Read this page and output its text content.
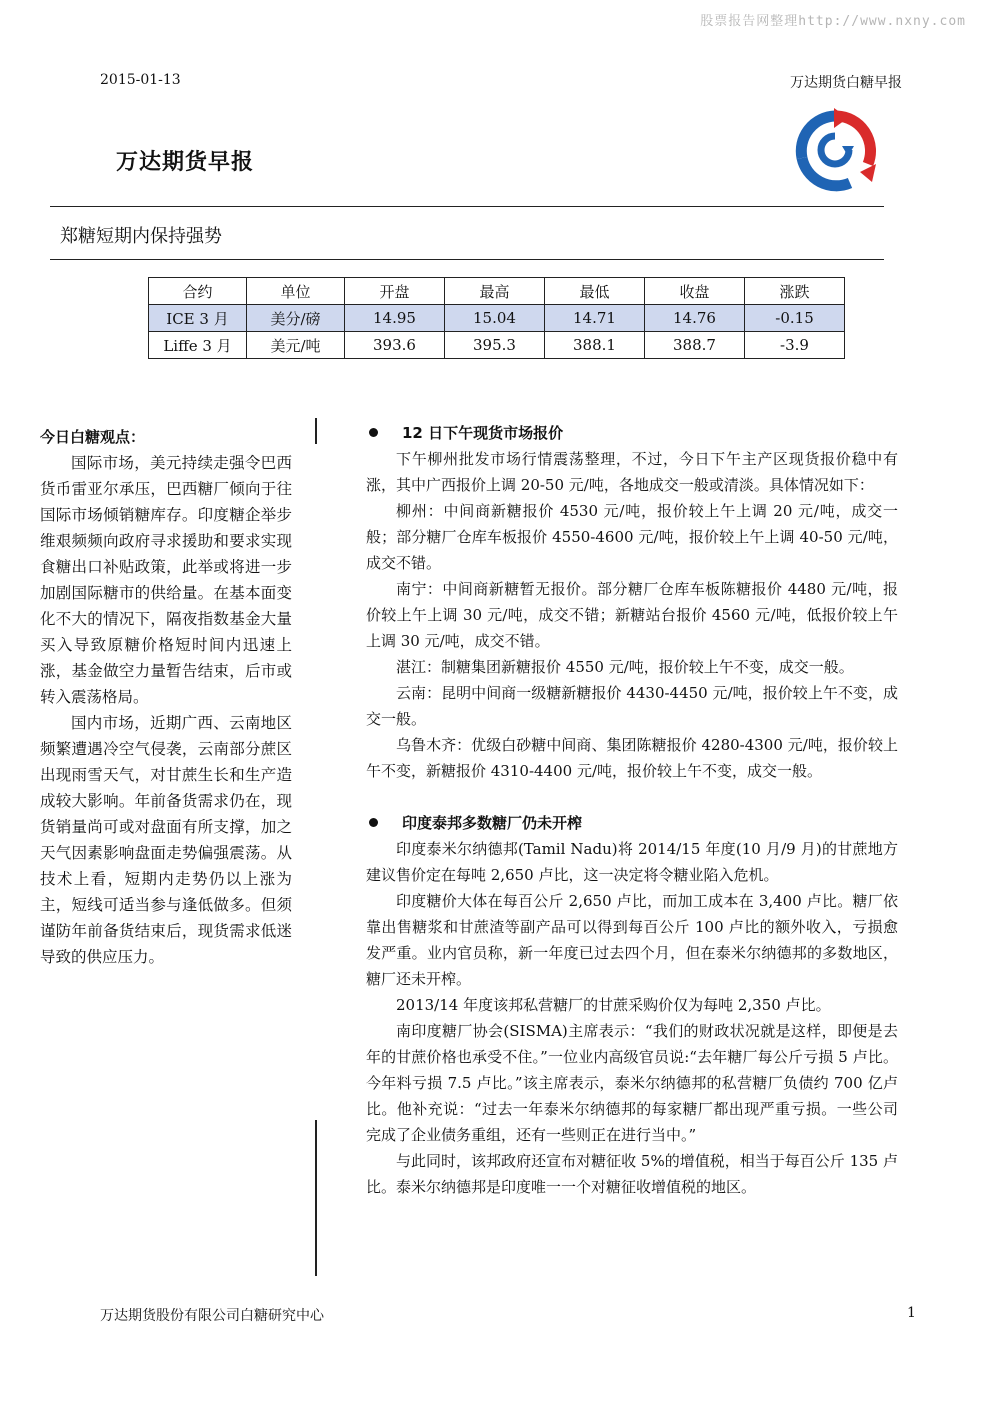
股票报告网整理http://www.nxny.com
2015-01-13	万达期货白糖早报
万达期货早报
郑糖短期内保持强势
合约	单位	开盘	最高	最低	收盘	涨跌
ICE 3 月	美分/磅	14.95	15.04	14.71	14.76	-0.15
Liffe 3 月	美元/吨	393.6	395.3	388.1	388.7	-3.9
今日白糖观点：

国际市场，美元持续走强令巴西货币雷亚尔承压，巴西糖厂倾向于往国际市场倾销糖库存。印度糖企举步维艰频频向政府寻求援助和要求实现食糖出口补贴政策，此举或将进一步加剧国际糖市的供给量。在基本面变化不大的情况下，隔夜指数基金大量买入导致原糖价格短时间内迅速上涨，基金做空力量暂告结束，后市或转入震荡格局。

国内市场，近期广西、云南地区频繁遭遇冷空气侵袭，云南部分蔗区出现雨雪天气，对甘蔗生长和生产造成较大影响。年前备货需求仍在，现货销量尚可或对盘面有所支撑，加之天气因素影响盘面走势偏强震荡。从技术上看，短期内走势仍以上涨为主，短线可适当参与逢低做多。但须谨防年前备货结束后，现货需求低迷导致的供应压力。

12 日下午现货市场报价

下午柳州批发市场行情震荡整理，不过，今日下午主产区现货报价稳中有涨，其中广西报价上调 20-50 元/吨，各地成交一般或清淡。具体情况如下：

柳州：中间商新糖报价 4530 元/吨，报价较上午上调 20 元/吨，成交一般；部分糖厂仓库车板报价 4550-4600 元/吨，报价较上午上调 40-50 元/吨，成交不错。

南宁：中间商新糖暂无报价。部分糖厂仓库车板陈糖报价 4480 元/吨，报价较上午上调 30 元/吨，成交不错；新糖站台报价 4560 元/吨，低报价较上午上调 30 元/吨，成交不错。

湛江：制糖集团新糖报价 4550 元/吨，报价较上午不变，成交一般。

云南：昆明中间商一级糖新糖报价 4430-4450 元/吨，报价较上午不变，成交一般。

乌鲁木齐：优级白砂糖中间商、集团陈糖报价 4280-4300 元/吨，报价较上午不变，新糖报价 4310-4400 元/吨，报价较上午不变，成交一般。

印度泰邦多数糖厂仍未开榨

印度泰米尔纳德邦(Tamil Nadu)将 2014/15 年度(10 月/9 月)的甘蔗地方建议售价定在每吨 2,650 卢比，这一决定将令糖业陷入危机。

印度糖价大体在每百公斤 2,650 卢比，而加工成本在 3,400 卢比。糖厂依靠出售糖浆和甘蔗渣等副产品可以得到每百公斤 100 卢比的额外收入，亏损愈发严重。业内官员称，新一年度已过去四个月，但在泰米尔纳德邦的多数地区，糖厂还未开榨。

2013/14 年度该邦私营糖厂的甘蔗采购价仅为每吨 2,350 卢比。

南印度糖厂协会(SISMA)主席表示：“我们的财政状况就是这样，即便是去年的甘蔗价格也承受不住。”一位业内高级官员说:“去年糖厂每公斤亏损 5 卢比。今年料亏损 7.5 卢比。”该主席表示，泰米尔纳德邦的私营糖厂负债约 700 亿卢比。他补充说：“过去一年泰米尔纳德邦的每家糖厂都出现严重亏损。一些公司完成了企业债务重组，还有一些则正在进行当中。”

与此同时，该邦政府还宣布对糖征收 5%的增值税，相当于每百公斤 135 卢比。泰米尔纳德邦是印度唯一一个对糖征收增值税的地区。

万达期货股份有限公司白糖研究中心	1
